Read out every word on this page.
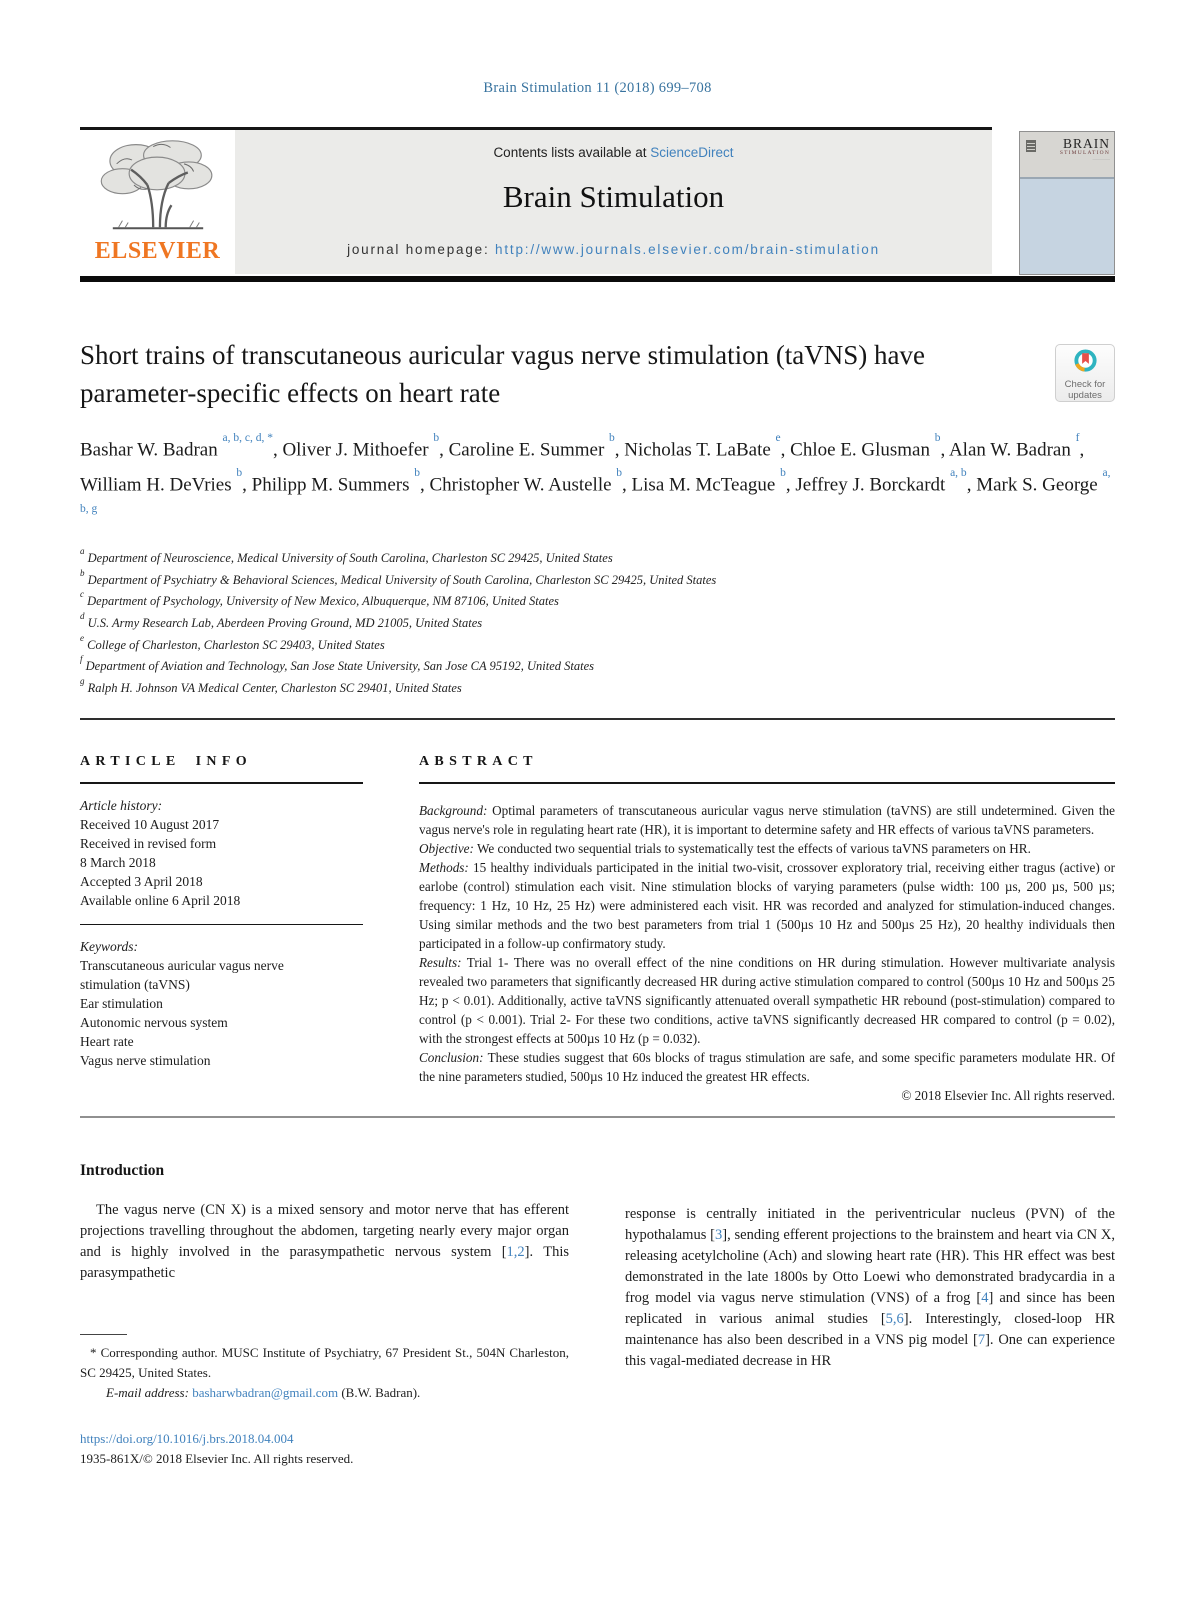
Brain Stimulation 11 (2018) 699–708
ELSEVIER
Contents lists available at ScienceDirect
Brain Stimulation
journal homepage: http://www.journals.elsevier.com/brain-stimulation
BRAIN
STIMULATION
—————
Short trains of transcutaneous auricular vagus nerve stimulation (taVNS) have parameter-specific effects on heart rate	Check for
updates
Bashar W. Badran $^{a, b, c, d, *}$, Oliver J. Mithoefer $^b$, Caroline E. Summer $^b$, Nicholas T. LaBate $^e$, Chloe E. Glusman $^b$, Alan W. Badran $^f$, William H. DeVries $^b$, Philipp M. Summers $^b$, Christopher W. Austelle $^b$, Lisa M. McTeague $^b$, Jeffrey J. Borckardt $^{a, b}$, Mark S. George $^{a, b, g}$
$^a$ Department of Neuroscience, Medical University of South Carolina, Charleston SC 29425, United States
$^b$ Department of Psychiatry & Behavioral Sciences, Medical University of South Carolina, Charleston SC 29425, United States
$^c$ Department of Psychology, University of New Mexico, Albuquerque, NM 87106, United States
$^d$ U.S. Army Research Lab, Aberdeen Proving Ground, MD 21005, United States
$^e$ College of Charleston, Charleston SC 29403, United States
$^f$ Department of Aviation and Technology, San Jose State University, San Jose CA 95192, United States
$^g$ Ralph H. Johnson VA Medical Center, Charleston SC 29401, United States
ARTICLE INFO
Article history:
Received 10 August 2017
Received in revised form
8 March 2018
Accepted 3 April 2018
Available online 6 April 2018
Keywords:
Transcutaneous auricular vagus nerve
stimulation (taVNS)
Ear stimulation
Autonomic nervous system
Heart rate
Vagus nerve stimulation
ABSTRACT

Background: Optimal parameters of transcutaneous auricular vagus nerve stimulation (taVNS) are still undetermined. Given the vagus nerve's role in regulating heart rate (HR), it is important to determine safety and HR effects of various taVNS parameters.

Objective: We conducted two sequential trials to systematically test the effects of various taVNS parameters on HR.

Methods: 15 healthy individuals participated in the initial two-visit, crossover exploratory trial, receiving either tragus (active) or earlobe (control) stimulation each visit. Nine stimulation blocks of varying parameters (pulse width: 100 µs, 200 µs, 500 µs; frequency: 1 Hz, 10 Hz, 25 Hz) were administered each visit. HR was recorded and analyzed for stimulation-induced changes. Using similar methods and the two best parameters from trial 1 (500µs 10 Hz and 500µs 25 Hz), 20 healthy individuals then participated in a follow-up confirmatory study.

Results: Trial 1- There was no overall effect of the nine conditions on HR during stimulation. However multivariate analysis revealed two parameters that significantly decreased HR during active stimulation compared to control (500µs 10 Hz and 500µs 25 Hz; p < 0.01). Additionally, active taVNS significantly attenuated overall sympathetic HR rebound (post-stimulation) compared to control (p < 0.001). Trial 2- For these two conditions, active taVNS significantly decreased HR compared to control (p = 0.02), with the strongest effects at 500µs 10 Hz (p = 0.032).

Conclusion: These studies suggest that 60s blocks of tragus stimulation are safe, and some specific parameters modulate HR. Of the nine parameters studied, 500µs 10 Hz induced the greatest HR effects.

© 2018 Elsevier Inc. All rights reserved.
Introduction

The vagus nerve (CN X) is a mixed sensory and motor nerve that has efferent projections travelling throughout the abdomen, targeting nearly every major organ and is highly involved in the parasympathetic nervous system [1,2]. This parasympathetic

* Corresponding author. MUSC Institute of Psychiatry, 67 President St., 504N Charleston, SC 29425, United States.
E-mail address: basharwbadran@gmail.com (B.W. Badran).

response is centrally initiated in the periventricular nucleus (PVN) of the hypothalamus [3], sending efferent projections to the brainstem and heart via CN X, releasing acetylcholine (Ach) and slowing heart rate (HR). This HR effect was best demonstrated in the late 1800s by Otto Loewi who demonstrated bradycardia in a frog model via vagus nerve stimulation (VNS) of a frog [4] and since has been replicated in various animal studies [5,6]. Interestingly, closed-loop HR maintenance has also been described in a VNS pig model [7]. One can experience this vagal-mediated decrease in HR

https://doi.org/10.1016/j.brs.2018.04.004
1935-861X/© 2018 Elsevier Inc. All rights reserved.
